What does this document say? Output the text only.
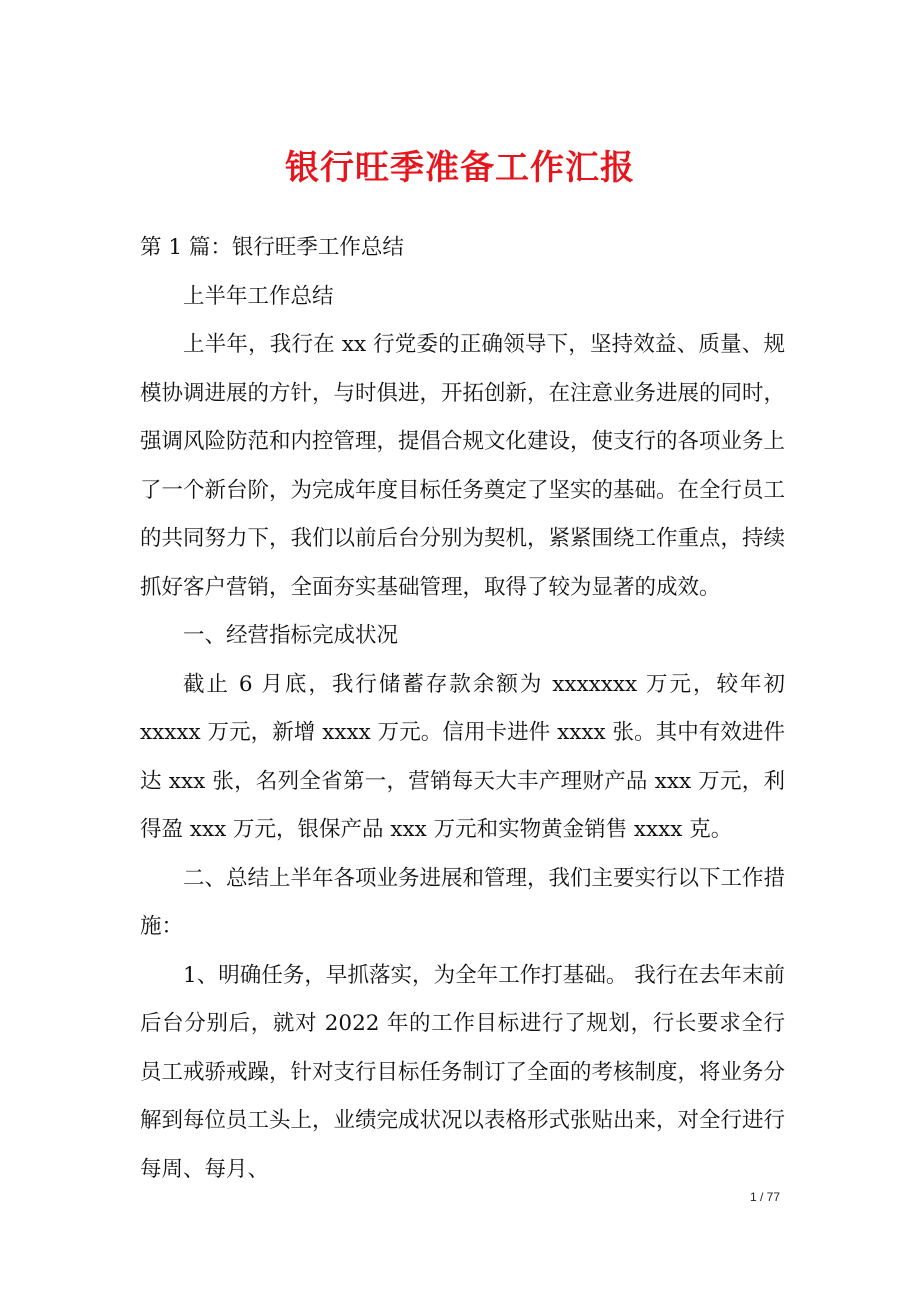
银行旺季准备工作汇报

第 1 篇：银行旺季工作总结

上半年工作总结

上半年，我行在 xx 行党委的正确领导下，坚持效益、质量、规模协调进展的方针，与时俱进，开拓创新，在注意业务进展的同时，强调风险防范和内控管理，提倡合规文化建设，使支行的各项业务上了一个新台阶，为完成年度目标任务奠定了坚实的基础。在全行员工的共同努力下，我们以前后台分别为契机，紧紧围绕工作重点，持续抓好客户营销，全面夯实基础管理，取得了较为显著的成效。

一、经营指标完成状况

截止 6 月底，我行储蓄存款余额为 xxxxxxx 万元，较年初 xxxxx 万元，新增 xxxx 万元。信用卡进件 xxxx 张。其中有效进件达 xxx 张，名列全省第一，营销每天大丰产理财产品 xxx 万元，利得盈 xxx 万元，银保产品 xxx 万元和实物黄金销售 xxxx 克。

二、总结上半年各项业务进展和管理，我们主要实行以下工作措施：

1、明确任务，早抓落实，为全年工作打基础。 我行在去年末前后台分别后，就对 2022 年的工作目标进行了规划，行长要求全行员工戒骄戒躁，针对支行目标任务制订了全面的考核制度，将业务分解到每位员工头上，业绩完成状况以表格形式张贴出来，对全行进行每周、每月、

1 / 77
